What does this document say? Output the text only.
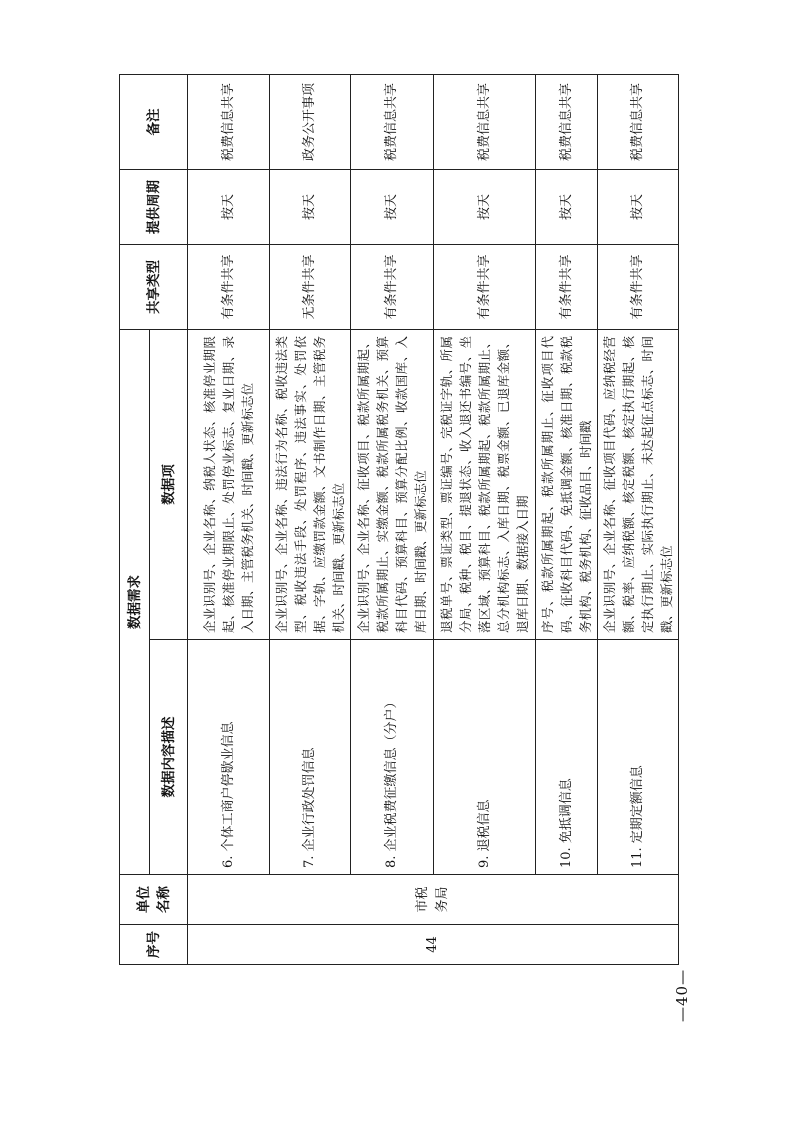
序号	单位名称	数据需求		共享类型	提供周期	备注
		数据内容描述	数据项			
44	市税务局	6. 个体工商户停歇业信息	企业识别号、企业名称、纳税人状态、核准停业期限起、核准停业期限止、处罚停业标志、复业日期、录入日期、主管税务机关、时间戳、更新标志位	有条件共享	按天	税费信息共享
		7. 企业行政处罚信息	企业识别号、企业名称、违法行为名称、税收违法类型、税收违法手段、处罚程序、违法事实、处罚依据、字轨、应缴罚款金额、文书制作日期、主管税务机关、时间戳、更新标志位	无条件共享	按天	政务公开事项
		8. 企业税费征缴信息（分户）	企业识别号、企业名称、征收项目、税款所属期起、税款所属期止、实缴金额、税款所属税务机关、预算科目代码、预算科目、预算分配比例、收款国库、入库日期、时间戳、更新标志位	有条件共享	按天	税费信息共享
		9. 退税信息	退税单号、票证类型、票证编号、完税证字轨、所属分局、税种、税目、提退状态、收入退还书编号、坐落区域、预算科目、税款所属期起、税款所属期止、总分机构标志、入库日期、税票金额、已退库金额、退库日期、数据接入日期	有条件共享	按天	税费信息共享
		10. 免抵调信息	序号、税款所属期起、税款所属期止、征收项目代码、征收科目代码、免抵调金额、核准日期、税款税务机构、税务机构、征收品目、时间戳	有条件共享	按天	税费信息共享
		11. 定期定额信息	企业识别号、企业名称、征收项目代码、应纳税经营额、税率、应纳税额、核定税额、核定执行期起、核定执行期止、实际执行期止、未达起征点标志、时间戳、更新标志位	有条件共享	按天	税费信息共享
—40—
